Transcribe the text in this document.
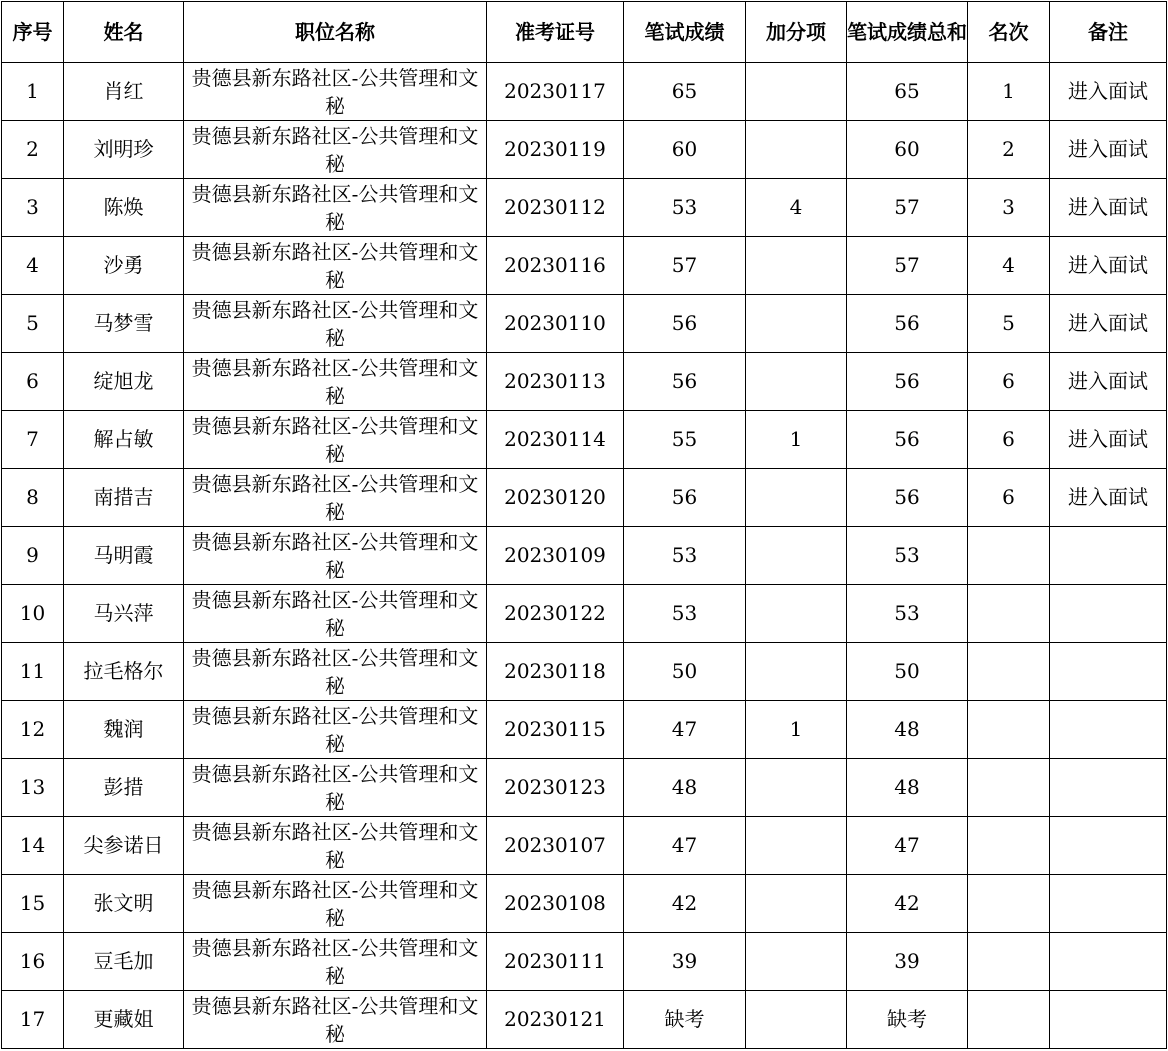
序号	姓名	职位名称	准考证号	笔试成绩	加分项	笔试成绩总和	名次	备注
1	肖红	贵德县新东路社区-公共管理和文秘	20230117	65		65	1	进入面试
2	刘明珍	贵德县新东路社区-公共管理和文秘	20230119	60		60	2	进入面试
3	陈焕	贵德县新东路社区-公共管理和文秘	20230112	53	4	57	3	进入面试
4	沙勇	贵德县新东路社区-公共管理和文秘	20230116	57		57	4	进入面试
5	马梦雪	贵德县新东路社区-公共管理和文秘	20230110	56		56	5	进入面试
6	绽旭龙	贵德县新东路社区-公共管理和文秘	20230113	56		56	6	进入面试
7	解占敏	贵德县新东路社区-公共管理和文秘	20230114	55	1	56	6	进入面试
8	南措吉	贵德县新东路社区-公共管理和文秘	20230120	56		56	6	进入面试
9	马明霞	贵德县新东路社区-公共管理和文秘	20230109	53		53		
10	马兴萍	贵德县新东路社区-公共管理和文秘	20230122	53		53		
11	拉毛格尔	贵德县新东路社区-公共管理和文秘	20230118	50		50		
12	魏润	贵德县新东路社区-公共管理和文秘	20230115	47	1	48		
13	彭措	贵德县新东路社区-公共管理和文秘	20230123	48		48		
14	尖参诺日	贵德县新东路社区-公共管理和文秘	20230107	47		47		
15	张文明	贵德县新东路社区-公共管理和文秘	20230108	42		42		
16	豆毛加	贵德县新东路社区-公共管理和文秘	20230111	39		39		
17	更藏姐	贵德县新东路社区-公共管理和文秘	20230121	缺考		缺考		
